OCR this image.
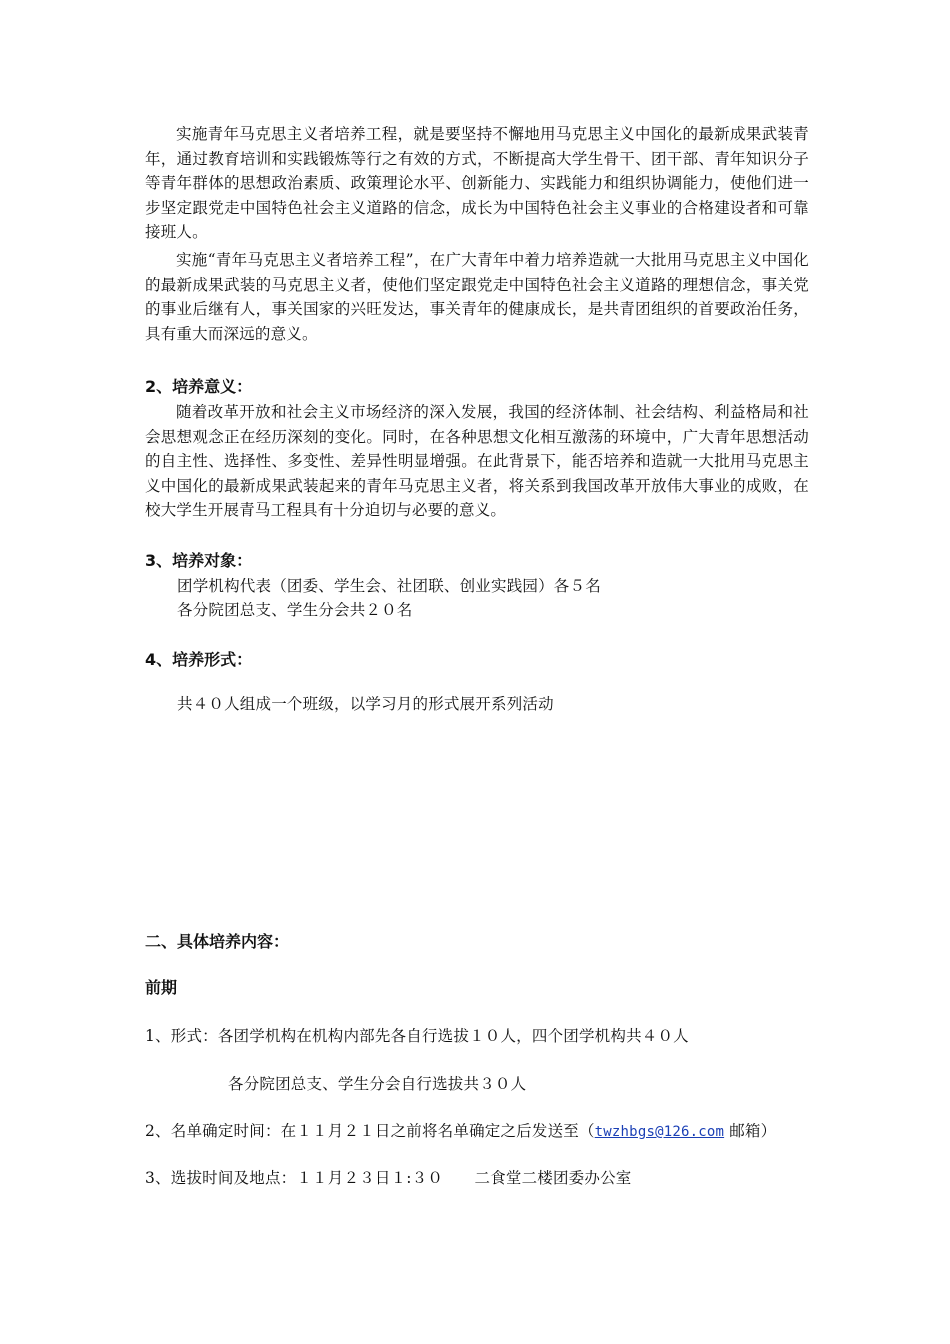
实施青年马克思主义者培养工程，就是要坚持不懈地用马克思主义中国化的最新成果武装青年，通过教育培训和实践锻炼等行之有效的方式，不断提高大学生骨干、团干部、青年知识分子等青年群体的思想政治素质、政策理论水平、创新能力、实践能力和组织协调能力，使他们进一步坚定跟党走中国特色社会主义道路的信念，成长为中国特色社会主义事业的合格建设者和可靠接班人。

实施“青年马克思主义者培养工程”，在广大青年中着力培养造就一大批用马克思主义中国化的最新成果武装的马克思主义者，使他们坚定跟党走中国特色社会主义道路的理想信念，事关党的事业后继有人，事关国家的兴旺发达，事关青年的健康成长，是共青团组织的首要政治任务，具有重大而深远的意义。

2、培养意义：

随着改革开放和社会主义市场经济的深入发展，我国的经济体制、社会结构、利益格局和社会思想观念正在经历深刻的变化。同时，在各种思想文化相互激荡的环境中，广大青年思想活动的自主性、选择性、多变性、差异性明显增强。在此背景下，能否培养和造就一大批用马克思主义中国化的最新成果武装起来的青年马克思主义者，将关系到我国改革开放伟大事业的成败，在校大学生开展青马工程具有十分迫切与必要的意义。

3、培养对象：

团学机构代表（团委、学生会、社团联、创业实践园）各５名

各分院团总支、学生分会共２０名

4、培养形式：

共４０人组成一个班级，以学习月的形式展开系列活动

二、具体培养内容：

前期

1、形式：各团学机构在机构内部先各自行选拔１０人，四个团学机构共４０人

各分院团总支、学生分会自行选拔共３０人

2、名单确定时间：在１１月２１日之前将名单确定之后发送至（twzhbgs@126.com 邮箱）

3、选拔时间及地点：１１月２３日１:３０　　二食堂二楼团委办公室
